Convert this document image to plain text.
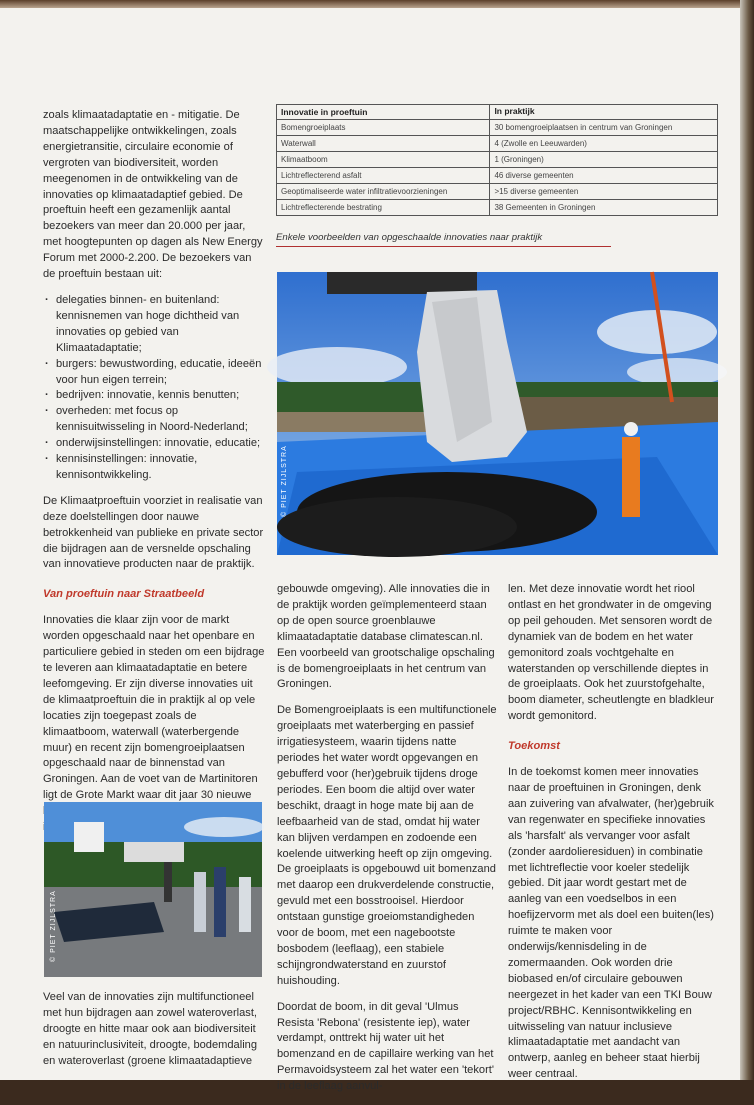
zoals klimaatadaptatie en - mitigatie. De maatschappelijke ontwikkelingen, zoals energietransitie, circulaire economie of vergroten van biodiversiteit, worden meegenomen in de ontwikkeling van de innovaties op klimaatadaptief gebied. De proeftuin heeft een gezamenlijk aantal bezoekers van meer dan 20.000 per jaar, met hoogtepunten op dagen als New Energy Forum met 2000-2.200. De bezoekers van de proeftuin bestaan uit:

· delegaties binnen- en buitenland: kennisnemen van hoge dichtheid van innovaties op gebied van Klimaatadaptatie;
· burgers: bewustwording, educatie, ideeën voor hun eigen terrein;
· bedrijven: innovatie, kennis benutten;
· overheden: met focus op kennisuitwisseling in Noord-Nederland;
· onderwijsinstellingen: innovatie, educatie;
· kennisinstellingen: innovatie, kennisontwikkeling.

De Klimaatproeftuin voorziet in realisatie van deze doelstellingen door nauwe betrokkenheid van publieke en private sector die bijdragen aan de versnelde opschaling van innovatieve producten naar de praktijk.

Van proeftuin naar Straatbeeld

Innovaties die klaar zijn voor de markt worden opgeschaald naar het openbare en particuliere gebied in steden om een bijdrage te leveren aan klimaatadaptatie en betere leefomgeving. Er zijn diverse innovaties uit de klimaatproeftuin die in praktijk al op vele locaties zijn toegepast zoals de klimaatboom, waterwall (waterbergende muur) en recent zijn bomengroeiplaatsen opgeschaald naar de binnenstad van Groningen. Aan de voet van de Martinitoren ligt de Grote Markt waar dit jaar 30 nieuwe

Innovatie in proeftuin	In praktijk
Bomengroeiplaats	30 bomengroeiplaatsen in centrum van Groningen
Waterwall	4 (Zwolle en Leeuwarden)
Klimaatboom	1 (Groningen)
Lichtreflecterend asfalt	46 diverse gemeenten
Geoptimaliseerde water infiltratievoorzieningen	>15 diverse gemeenten
Lichtreflecterende bestrating	38 Gemeenten in Groningen
Enkele voorbeelden van opgeschaalde innovaties naar praktijk
© PIET ZIJLSTRA
© PIET ZIJLSTRA

Veel van de innovaties zijn multifunctioneel met hun bijdragen aan zowel wateroverlast, droogte en hitte maar ook aan biodiversiteit en natuurinclusiviteit, droogte, bodemdaling en wateroverlast (groene klimaatadaptieve

gebouwde omgeving). Alle innovaties die in de praktijk worden geïmplementeerd staan op de open source groenblauwe klimaatadaptatie database climatescan.nl. Een voorbeeld van grootschalige opschaling is de bomengroeiplaats in het centrum van Groningen.

De Bomengroeiplaats is een multifunctionele groeiplaats met waterberging en passief irrigatiesysteem, waarin tijdens natte periodes het water wordt opgevangen en gebufferd voor (her)gebruik tijdens droge periodes. Een boom die altijd over water beschikt, draagt in hoge mate bij aan de leefbaarheid van de stad, omdat hij water kan blijven verdampen en zodoende een koelende uitwerking heeft op zijn omgeving. De groeiplaats is opgebouwd uit bomenzand met daarop een drukverdelende constructie, gevuld met een bosstrooisel. Hierdoor ontstaan gunstige groeiomstandigheden voor de boom, met een nagebootste bosbodem (leeflaag), een stabiele schijngrondwaterstand en zuurstof huishouding.

Doordat de boom, in dit geval 'Ulmus Resista 'Rebona' (resistente iep), water verdampt, onttrekt hij water uit het bomenzand en de capillaire werking van het Permavoidsysteem zal het water een 'tekort' in de leeflaag aanvul-

len. Met deze innovatie wordt het riool ontlast en het grondwater in de omgeving op peil gehouden. Met sensoren wordt de dynamiek van de bodem en het water gemonitord zoals vochtgehalte en waterstanden op verschillende dieptes in de groeiplaats. Ook het zuurstofgehalte, boom diameter, scheutlengte en bladkleur wordt gemonitord.

Toekomst

In de toekomst komen meer innovaties naar de proeftuinen in Groningen, denk aan zuivering van afvalwater, (her)gebruik van regenwater en specifieke innovaties als 'harsfalt' als vervanger voor asfalt (zonder aardolieresiduen) in combinatie met lichtreflectie voor koeler stedelijk gebied. Dit jaar wordt gestart met de aanleg van een voedselbos in een hoefijzervorm met als doel een buiten(les) ruimte te maken voor onderwijs/kennisdeling in de zomermaanden. Ook worden drie biobased en/of circulaire gebouwen neergezet in het kader van een TKI Bouw project/RBHC. Kennisontwikkeling en uitwisseling van natuur inclusieve klimaatadaptatie met aandacht van ontwerp, aanleg en beheer staat hierbij weer centraal.
